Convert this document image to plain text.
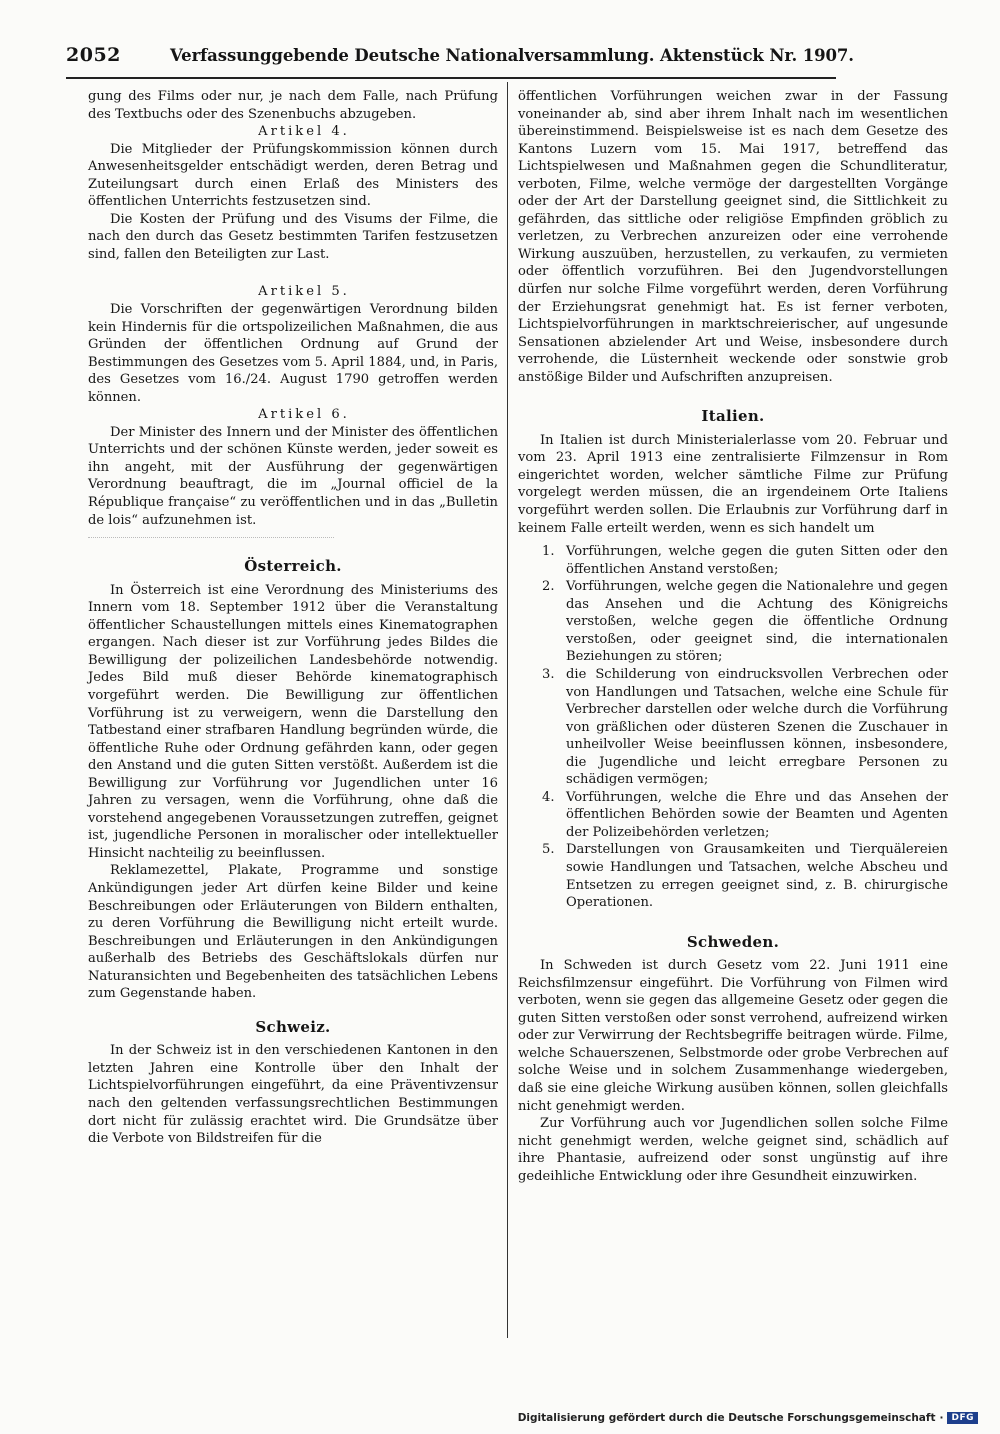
2052	Verfassunggebende Deutsche Nationalversammlung. Aktenstück Nr. 1907.

gung des Films oder nur, je nach dem Falle, nach Prüfung des Textbuchs oder des Szenenbuchs abzugeben.

Artikel 4.

Die Mitglieder der Prüfungskommission können durch Anwesenheitsgelder entschädigt werden, deren Betrag und Zuteilungsart durch einen Erlaß des Ministers des öffentlichen Unterrichts festzusetzen sind.

Die Kosten der Prüfung und des Visums der Filme, die nach den durch das Gesetz bestimmten Tarifen festzusetzen sind, fallen den Beteiligten zur Last.

Artikel 5.

Die Vorschriften der gegenwärtigen Verordnung bilden kein Hindernis für die ortspolizeilichen Maßnahmen, die aus Gründen der öffentlichen Ordnung auf Grund der Bestimmungen des Gesetzes vom 5. April 1884, und, in Paris, des Gesetzes vom 16./24. August 1790 getroffen werden können.

Artikel 6.

Der Minister des Innern und der Minister des öffentlichen Unterrichts und der schönen Künste werden, jeder soweit es ihn angeht, mit der Ausführung der gegenwärtigen Verordnung beauftragt, die im „Journal officiel de la République française“ zu veröffentlichen und in das „Bulletin de lois“ aufzunehmen ist.

Österreich.

In Österreich ist eine Verordnung des Ministeriums des Innern vom 18. September 1912 über die Veranstaltung öffentlicher Schaustellungen mittels eines Kinematographen ergangen. Nach dieser ist zur Vorführung jedes Bildes die Bewilligung der polizeilichen Landesbehörde notwendig. Jedes Bild muß dieser Behörde kinematographisch vorgeführt werden. Die Bewilligung zur öffentlichen Vorführung ist zu verweigern, wenn die Darstellung den Tatbestand einer strafbaren Handlung begründen würde, die öffentliche Ruhe oder Ordnung gefährden kann, oder gegen den Anstand und die guten Sitten verstößt. Außerdem ist die Bewilligung zur Vorführung vor Jugendlichen unter 16 Jahren zu versagen, wenn die Vorführung, ohne daß die vorstehend angegebenen Voraussetzungen zutreffen, geignet ist, jugendliche Personen in moralischer oder intellektueller Hinsicht nachteilig zu beeinflussen.

Reklamezettel, Plakate, Programme und sonstige Ankündigungen jeder Art dürfen keine Bilder und keine Beschreibungen oder Erläuterungen von Bildern enthalten, zu deren Vorführung die Bewilligung nicht erteilt wurde. Beschreibungen und Erläuterungen in den Ankündigungen außerhalb des Betriebs des Geschäftslokals dürfen nur Naturansichten und Begebenheiten des tatsächlichen Lebens zum Gegenstande haben.

Schweiz.

In der Schweiz ist in den verschiedenen Kantonen in den letzten Jahren eine Kontrolle über den Inhalt der Lichtspielvorführungen eingeführt, da eine Präventivzensur nach den geltenden verfassungsrechtlichen Bestimmungen dort nicht für zulässig erachtet wird. Die Grundsätze über die Verbote von Bildstreifen für die

öffentlichen Vorführungen weichen zwar in der Fassung voneinander ab, sind aber ihrem Inhalt nach im wesentlichen übereinstimmend. Beispielsweise ist es nach dem Gesetze des Kantons Luzern vom 15. Mai 1917, betreffend das Lichtspielwesen und Maßnahmen gegen die Schundliteratur, verboten, Filme, welche vermöge der dargestellten Vorgänge oder der Art der Darstellung geeignet sind, die Sittlichkeit zu gefährden, das sittliche oder religiöse Empfinden gröblich zu verletzen, zu Verbrechen anzureizen oder eine verrohende Wirkung auszuüben, herzustellen, zu verkaufen, zu vermieten oder öffentlich vorzuführen. Bei den Jugendvorstellungen dürfen nur solche Filme vorgeführt werden, deren Vorführung der Erziehungsrat genehmigt hat. Es ist ferner verboten, Lichtspielvorführungen in marktschreierischer, auf ungesunde Sensationen abzielender Art und Weise, insbesondere durch verrohende, die Lüsternheit weckende oder sonstwie grob anstößige Bilder und Aufschriften anzupreisen.

Italien.

In Italien ist durch Ministerialerlasse vom 20. Februar und vom 23. April 1913 eine zentralisierte Filmzensur in Rom eingerichtet worden, welcher sämtliche Filme zur Prüfung vorgelegt werden müssen, die an irgendeinem Orte Italiens vorgeführt werden sollen. Die Erlaubnis zur Vorführung darf in keinem Falle erteilt werden, wenn es sich handelt um

1. Vorführungen, welche gegen die guten Sitten oder den öffentlichen Anstand verstoßen;
2. Vorführungen, welche gegen die Nationalehre und gegen das Ansehen und die Achtung des Königreichs verstoßen, welche gegen die öffentliche Ordnung verstoßen, oder geeignet sind, die internationalen Beziehungen zu stören;
3. die Schilderung von eindrucksvollen Verbrechen oder von Handlungen und Tatsachen, welche eine Schule für Verbrecher darstellen oder welche durch die Vorführung von gräßlichen oder düsteren Szenen die Zuschauer in unheilvoller Weise beeinflussen können, insbesondere, die Jugendliche und leicht erregbare Personen zu schädigen vermögen;
4. Vorführungen, welche die Ehre und das Ansehen der öffentlichen Behörden sowie der Beamten und Agenten der Polizeibehörden verletzen;
5. Darstellungen von Grausamkeiten und Tierquälereien sowie Handlungen und Tatsachen, welche Abscheu und Entsetzen zu erregen geeignet sind, z. B. chirurgische Operationen.
Schweden.

In Schweden ist durch Gesetz vom 22. Juni 1911 eine Reichsfilmzensur eingeführt. Die Vorführung von Filmen wird verboten, wenn sie gegen das allgemeine Gesetz oder gegen die guten Sitten verstoßen oder sonst verrohend, aufreizend wirken oder zur Verwirrung der Rechtsbegriffe beitragen würde. Filme, welche Schauerszenen, Selbstmorde oder grobe Verbrechen auf solche Weise und in solchem Zusammenhange wiedergeben, daß sie eine gleiche Wirkung ausüben können, sollen gleichfalls nicht genehmigt werden.

Zur Vorführung auch vor Jugendlichen sollen solche Filme nicht genehmigt werden, welche geignet sind, schädlich auf ihre Phantasie, aufreizend oder sonst ungünstig auf ihre gedeihliche Entwicklung oder ihre Gesundheit einzuwirken.

Digitalisierung gefördert durch die Deutsche Forschungsgemeinschaft · DFG
